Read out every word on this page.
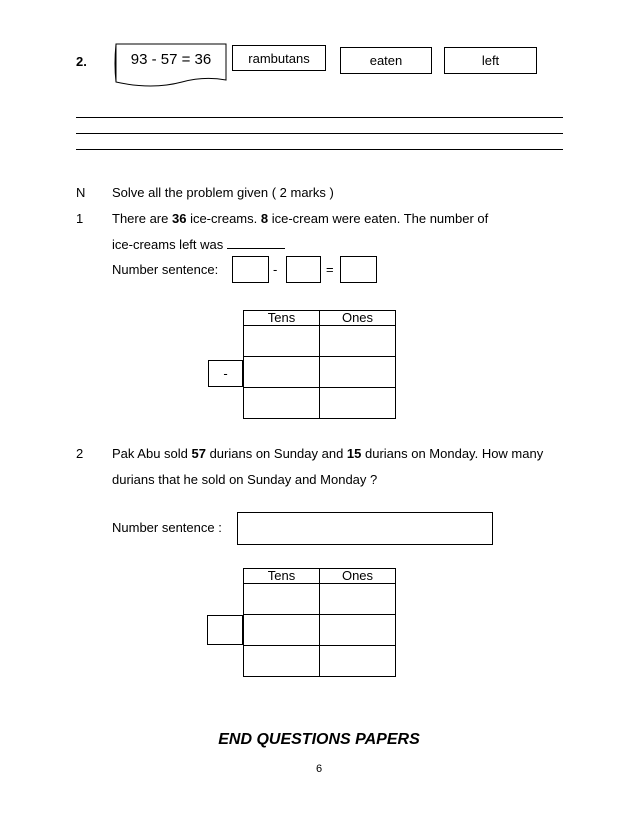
2.	93 - 57 = 36	rambutans	eaten	left
N Solve all the problem given ( 2 marks )
1 There are 36 ice-creams. 8 ice-cream were eaten. The number of
ice-creams left was
Number sentence:	-	=
Tens	Ones

-
2 Pak Abu sold 57 durians on Sunday and 15 durians on Monday. How many
durians that he sold on Sunday and Monday ?
Number sentence :
Tens	Ones

END QUESTIONS PAPERS
6
